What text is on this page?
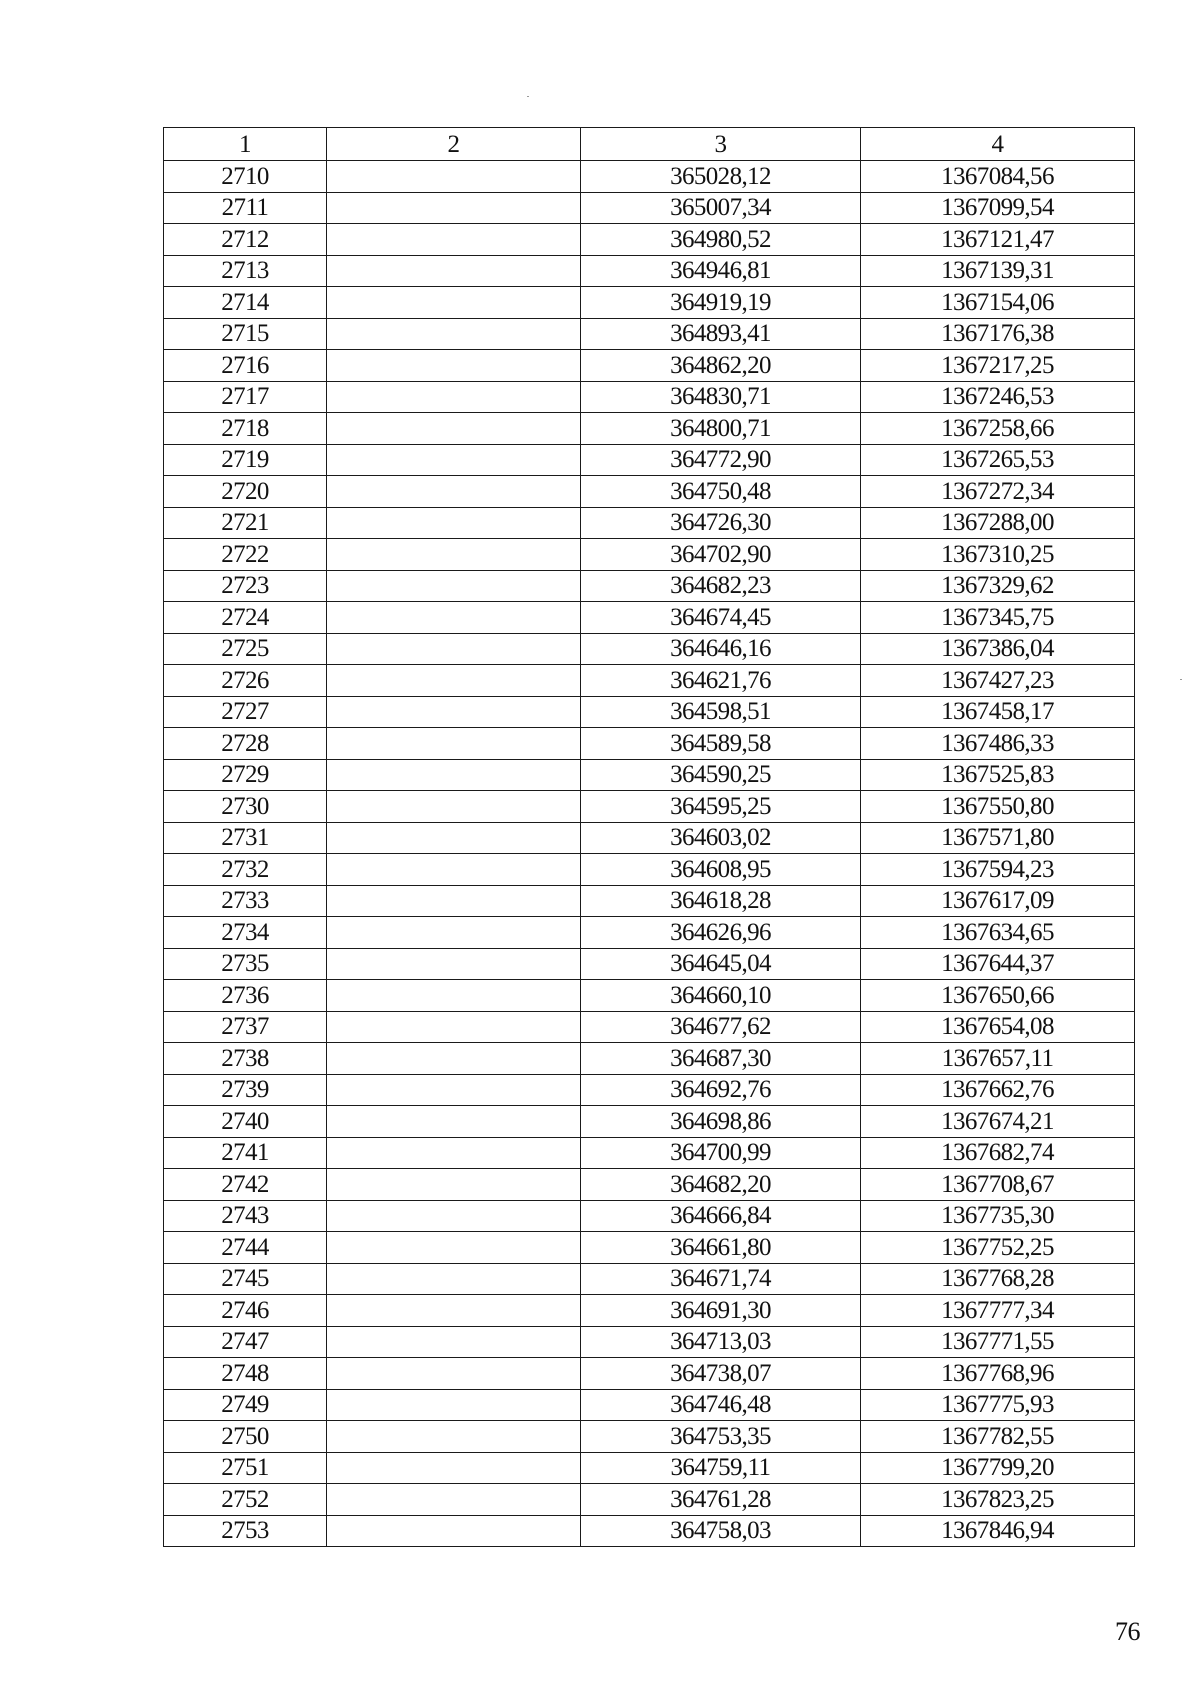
1	2	3	4
2710		365028,12	1367084,56
2711		365007,34	1367099,54
2712		364980,52	1367121,47
2713		364946,81	1367139,31
2714		364919,19	1367154,06
2715		364893,41	1367176,38
2716		364862,20	1367217,25
2717		364830,71	1367246,53
2718		364800,71	1367258,66
2719		364772,90	1367265,53
2720		364750,48	1367272,34
2721		364726,30	1367288,00
2722		364702,90	1367310,25
2723		364682,23	1367329,62
2724		364674,45	1367345,75
2725		364646,16	1367386,04
2726		364621,76	1367427,23
2727		364598,51	1367458,17
2728		364589,58	1367486,33
2729		364590,25	1367525,83
2730		364595,25	1367550,80
2731		364603,02	1367571,80
2732		364608,95	1367594,23
2733		364618,28	1367617,09
2734		364626,96	1367634,65
2735		364645,04	1367644,37
2736		364660,10	1367650,66
2737		364677,62	1367654,08
2738		364687,30	1367657,11
2739		364692,76	1367662,76
2740		364698,86	1367674,21
2741		364700,99	1367682,74
2742		364682,20	1367708,67
2743		364666,84	1367735,30
2744		364661,80	1367752,25
2745		364671,74	1367768,28
2746		364691,30	1367777,34
2747		364713,03	1367771,55
2748		364738,07	1367768,96
2749		364746,48	1367775,93
2750		364753,35	1367782,55
2751		364759,11	1367799,20
2752		364761,28	1367823,25
2753		364758,03	1367846,94
76
